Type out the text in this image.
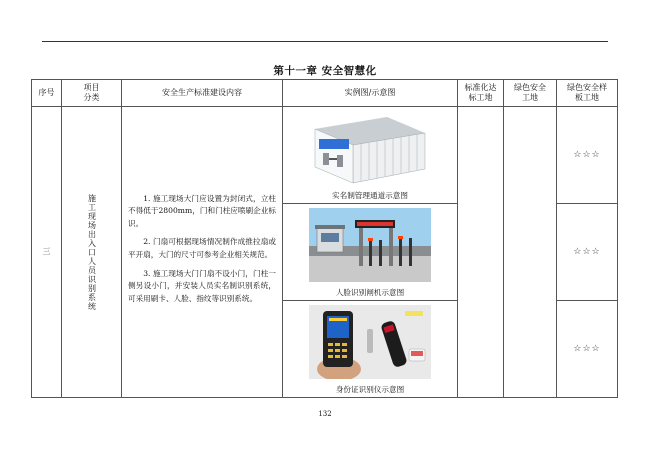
第十一章 安全智慧化
序号	项目分类	安全生产标准建设内容	实例图/示意图	标准化达标工地	绿色安全工地	绿色安全样板工地
三	施工现场出入口人员识别系统	1. 施工现场大门应设置为封闭式，立柱不得低于2800mm，门和门柱应喷刷企业标识。

2. 门扇可根据现场情况制作成推拉扇或平开扇，大门的尺寸可参考企业相关规范。

3. 施工现场大门门扇不设小门，门柱一侧另设小门，并安装人员实名制识别系统，可采用刷卡、人脸、指纹等识别系统。	实名制管理通道示意图			☆☆☆

			人脸识别闸机示意图			☆☆☆

			身份证识别仪示意图			☆☆☆
132
